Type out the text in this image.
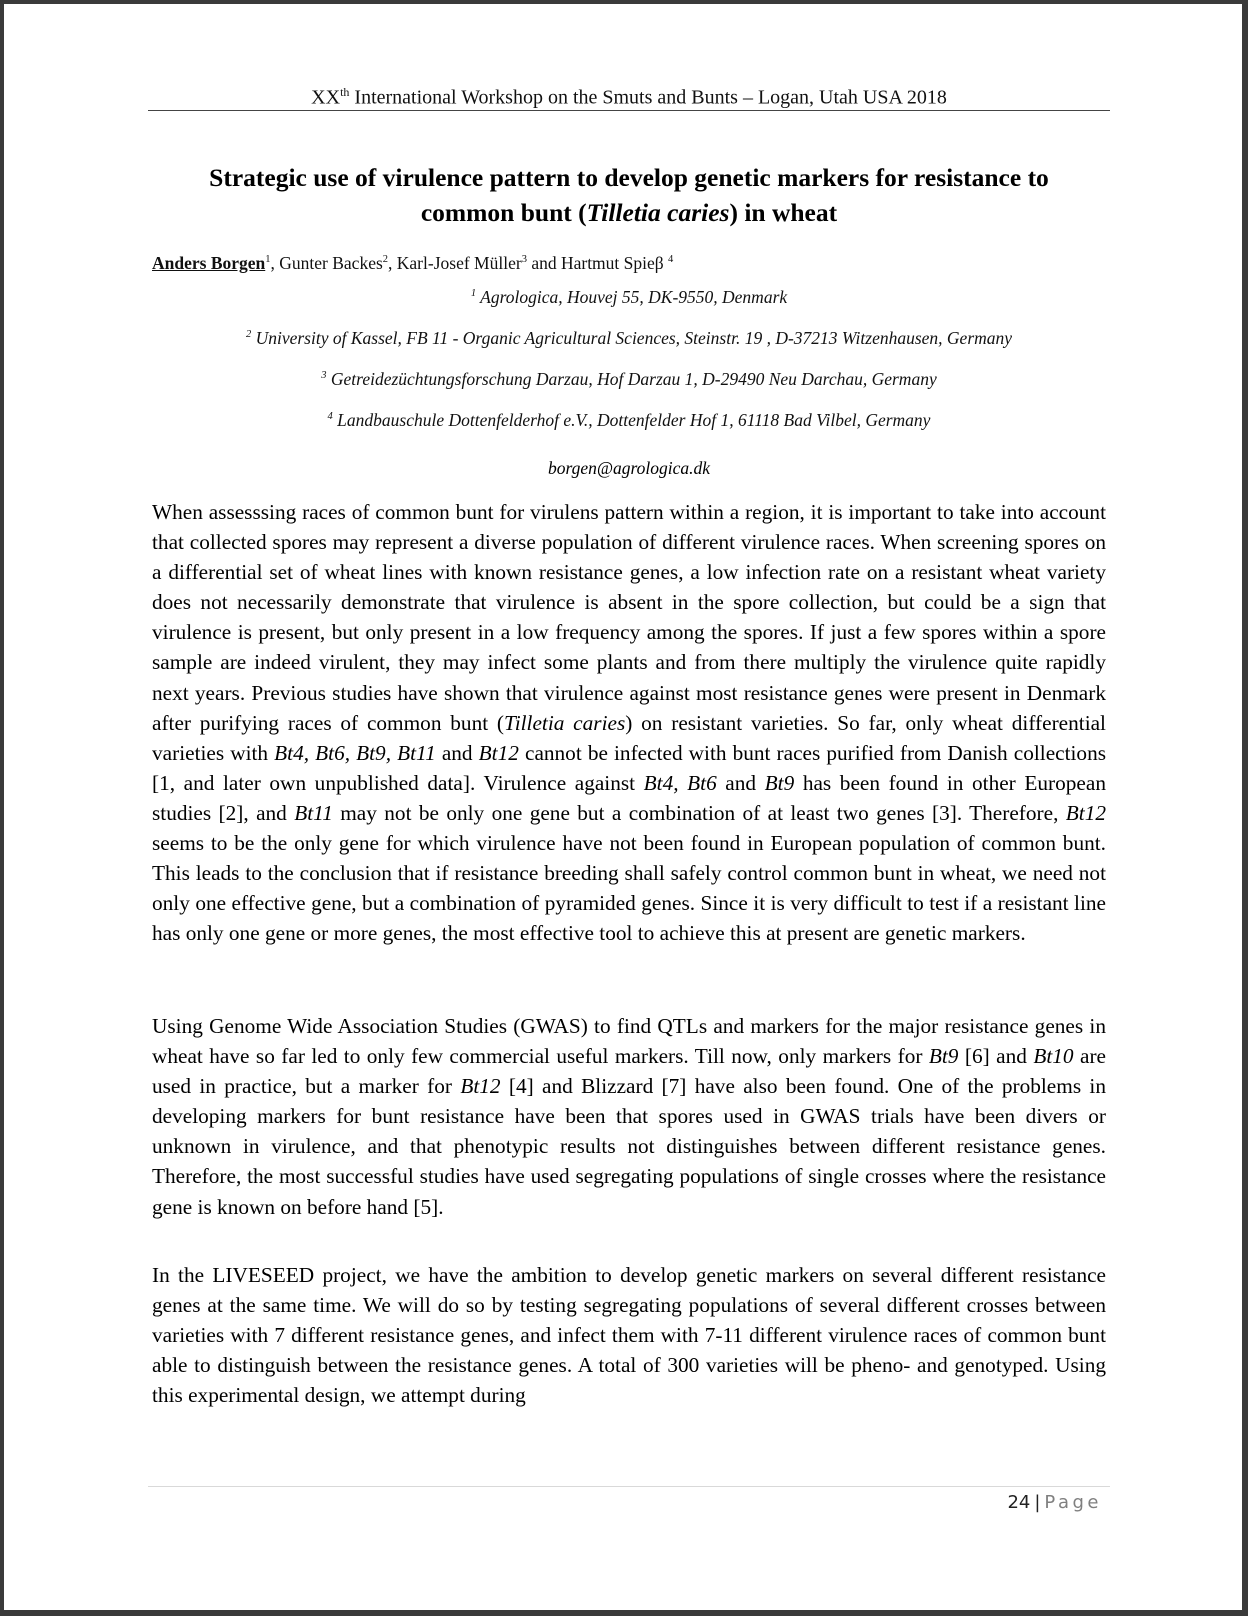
XXth International Workshop on the Smuts and Bunts – Logan, Utah USA 2018
Strategic use of virulence pattern to develop genetic markers for resistance to
common bunt (Tilletia caries) in wheat
Anders Borgen$^1$, Gunter Backes$^2$, Karl-Josef Müller$^3$ and Hartmut Spieβ $^4$
$^1$ Agrologica, Houvej 55, DK-9550, Denmark
$^2$ University of Kassel, FB 11 - Organic Agricultural Sciences, Steinstr. 19 , D-37213 Witzenhausen, Germany
$^3$ Getreidezüchtungsforschung Darzau, Hof Darzau 1, D-29490 Neu Darchau, Germany
$^4$ Landbauschule Dottenfelderhof e.V., Dottenfelder Hof 1, 61118 Bad Vilbel, Germany
borgen@agrologica.dk

When assesssing races of common bunt for virulens pattern within a region, it is important to take into account that collected spores may represent a diverse population of different virulence races. When screening spores on a differential set of wheat lines with known resistance genes, a low infection rate on a resistant wheat variety does not necessarily demonstrate that virulence is absent in the spore collection, but could be a sign that virulence is present, but only present in a low frequency among the spores. If just a few spores within a spore sample are indeed virulent, they may infect some plants and from there multiply the virulence quite rapidly next years. Previous studies have shown that virulence against most resistance genes were present in Denmark after purifying races of common bunt (Tilletia caries) on resistant varieties. So far, only wheat differential varieties with Bt4, Bt6, Bt9, Bt11 and Bt12 cannot be infected with bunt races purified from Danish collections [1, and later own unpublished data]. Virulence against Bt4, Bt6 and Bt9 has been found in other European studies [2], and Bt11 may not be only one gene but a combination of at least two genes [3]. Therefore, Bt12 seems to be the only gene for which virulence have not been found in European population of common bunt. This leads to the conclusion that if resistance breeding shall safely control common bunt in wheat, we need not only one effective gene, but a combination of pyramided genes. Since it is very difficult to test if a resistant line has only one gene or more genes, the most effective tool to achieve this at present are genetic markers.

Using Genome Wide Association Studies (GWAS) to find QTLs and markers for the major resistance genes in wheat have so far led to only few commercial useful markers. Till now, only markers for Bt9 [6] and Bt10 are used in practice, but a marker for Bt12 [4] and Blizzard [7] have also been found. One of the problems in developing markers for bunt resistance have been that spores used in GWAS trials have been divers or unknown in virulence, and that phenotypic results not distinguishes between different resistance genes. Therefore, the most successful studies have used segregating populations of single crosses where the resistance gene is known on before hand [5].

In the LIVESEED project, we have the ambition to develop genetic markers on several different resistance genes at the same time. We will do so by testing segregating populations of several different crosses between varieties with 7 different resistance genes, and infect them with 7-11 different virulence races of common bunt able to distinguish between the resistance genes. A total of 300 varieties will be pheno- and genotyped. Using this experimental design, we attempt during

24 | Page
